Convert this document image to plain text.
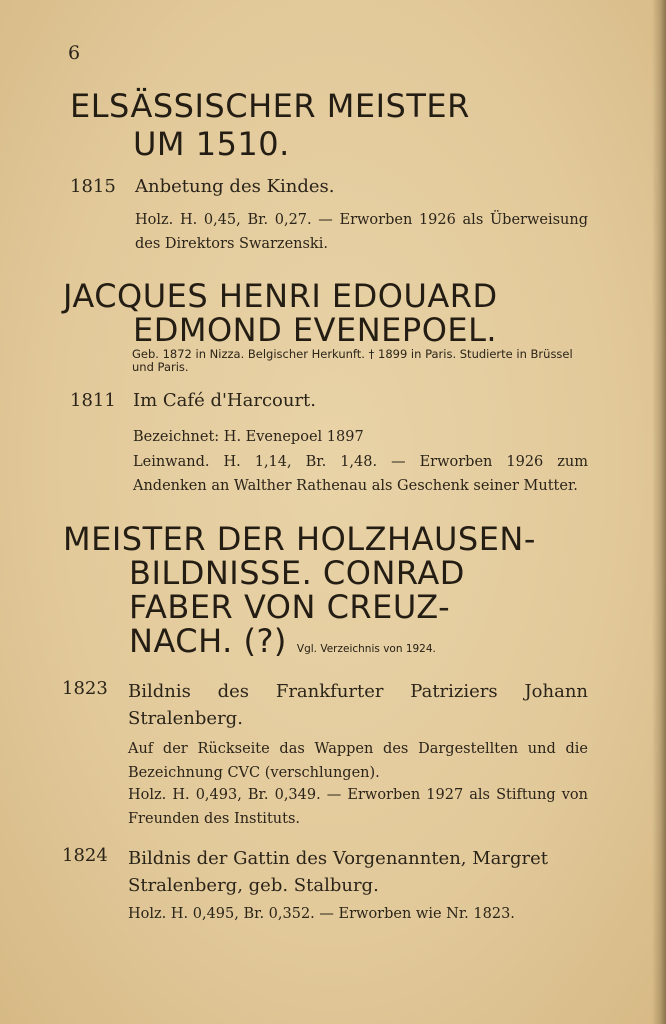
6
ELSÄSSISCHER MEISTER
UM 1510.
1815 Anbetung des Kindes.
Holz. H. 0,45, Br. 0,27. — Erworben 1926 als Überweisung des Direktors Swarzenski.
JACQUES HENRI EDOUARD
EDMOND EVENEPOEL.
Geb. 1872 in Nizza. Belgischer Herkunft. † 1899 in Paris. Studierte in Brüssel und Paris.
1811 Im Café d'Harcourt.
Bezeichnet: H. Evenepoel 1897
Leinwand. H. 1,14, Br. 1,48. — Erworben 1926 zum Andenken an Walther Rathenau als Geschenk seiner Mutter.
MEISTER DER HOLZHAUSEN-
BILDNISSE. CONRAD
FABER VON CREUZ-
NACH. (?) Vgl. Verzeichnis von 1924.
1823 Bildnis des Frankfurter Patriziers Johann Stralenberg.
Auf der Rückseite das Wappen des Dargestellten und die Bezeichnung CVC (verschlungen).
Holz. H. 0,493, Br. 0,349. — Erworben 1927 als Stiftung von Freunden des Instituts.
1824 Bildnis der Gattin des Vorgenannten, Margret Stralenberg, geb. Stalburg.
Holz. H. 0,495, Br. 0,352. — Erworben wie Nr. 1823.
